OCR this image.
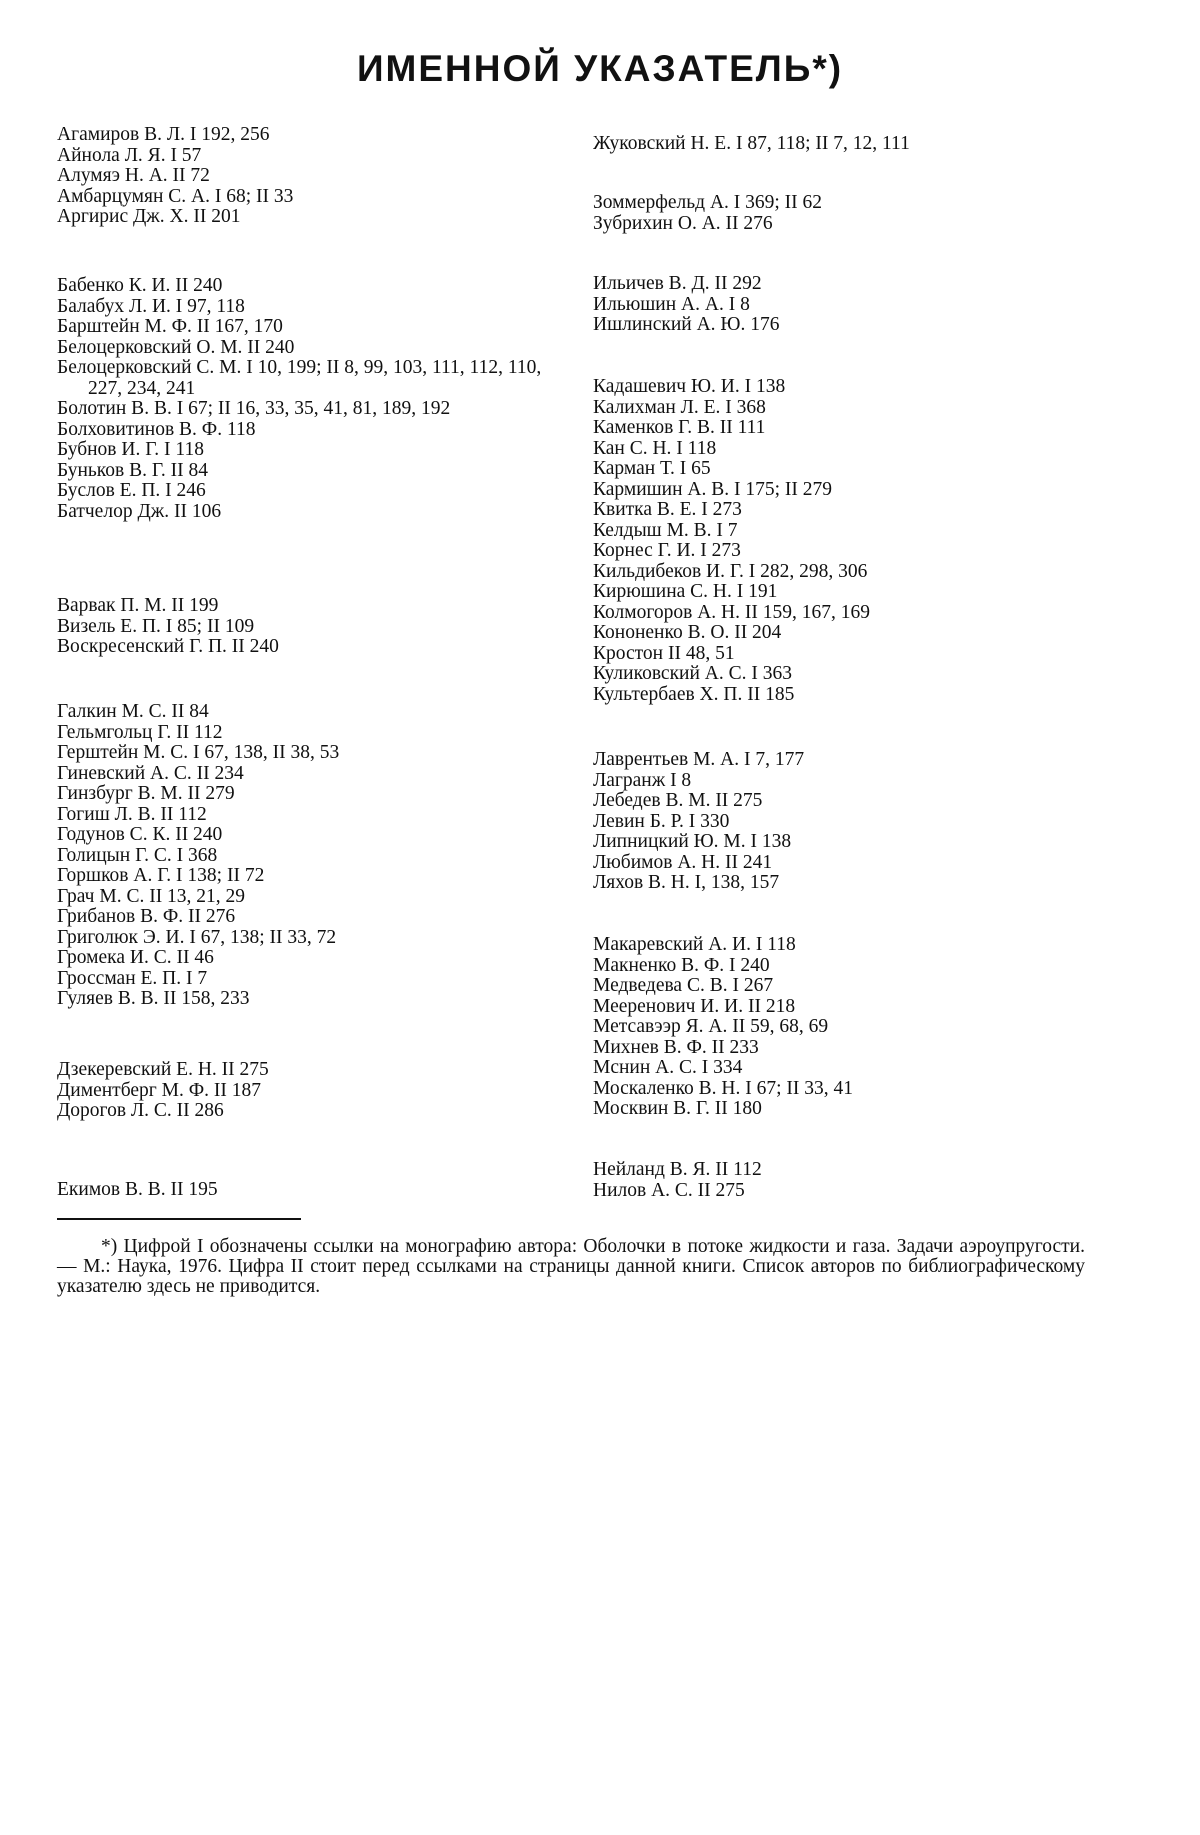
ИМЕННОЙ УКАЗАТЕЛЬ*)
Агамиров В. Л. I 192, 256
Айнола Л. Я. I 57
Алумяэ Н. А. II 72
Амбарцумян С. А. I 68; II 33
Аргирис Дж. Х. II 201
Бабенко К. И. II 240
Балабух Л. И. I 97, 118
Барштейн М. Ф. II 167, 170
Белоцерковский О. М. II 240
Белоцерковский С. М. I 10, 199; II 8, 99, 103, 111, 112, 110, 227, 234, 241
Болотин В. В. I 67; II 16, 33, 35, 41, 81, 189, 192
Болховитинов В. Ф. 118
Бубнов И. Г. I 118
Буньков В. Г. II 84
Буслов Е. П. I 246
Батчелор Дж. II 106
Варвак П. М. II 199
Визель Е. П. I 85; II 109
Воскресенский Г. П. II 240
Галкин М. С. II 84
Гельмгольц Г. II 112
Герштейн М. С. I 67, 138, II 38, 53
Гиневский А. С. II 234
Гинзбург В. М. II 279
Гогиш Л. В. II 112
Годунов С. К. II 240
Голицын Г. С. I 368
Горшков А. Г. I 138; II 72
Грач М. С. II 13, 21, 29
Грибанов В. Ф. II 276
Григолюк Э. И. I 67, 138; II 33, 72
Громека И. С. II 46
Гроссман Е. П. I 7
Гуляев В. В. II 158, 233
Дзекеревский Е. Н. II 275
Диментберг М. Ф. II 187
Дорогов Л. С. II 286
Екимов В. В. II 195
Жуковский Н. Е. I 87, 118; II 7, 12, 111
Зоммерфельд А. I 369; II 62
Зубрихин О. А. II 276
Ильичев В. Д. II 292
Ильюшин А. А. I 8
Ишлинский А. Ю. 176
Кадашевич Ю. И. I 138
Калихман Л. Е. I 368
Каменков Г. В. II 111
Кан С. Н. I 118
Карман Т. I 65
Кармишин А. В. I 175; II 279
Квитка В. Е. I 273
Келдыш М. В. I 7
Корнес Г. И. I 273
Кильдибеков И. Г. I 282, 298, 306
Кирюшина С. Н. I 191
Колмогоров А. Н. II 159, 167, 169
Кононенко В. О. II 204
Кростон II 48, 51
Куликовский А. С. I 363
Культербаев Х. П. II 185
Лаврентьев М. А. I 7, 177
Лагранж I 8
Лебедев В. М. II 275
Левин Б. Р. I 330
Липницкий Ю. М. I 138
Любимов А. Н. II 241
Ляхов В. Н. I, 138, 157
Макаревский А. И. I 118
Макненко В. Ф. I 240
Медведева С. В. I 267
Мееренович И. И. II 218
Метсавээр Я. А. II 59, 68, 69
Михнев В. Ф. II 233
Мснин А. С. I 334
Москаленко В. Н. I 67; II 33, 41
Москвин В. Г. II 180
Нейланд В. Я. II 112
Нилов А. С. II 275
*) Цифрой I обозначены ссылки на монографию автора: Оболочки в потоке жидкости и газа. Задачи аэроупругости. — М.: Наука, 1976. Цифра II стоит перед ссылками на страницы данной книги. Список авторов по библиографическому указателю здесь не приводится.
